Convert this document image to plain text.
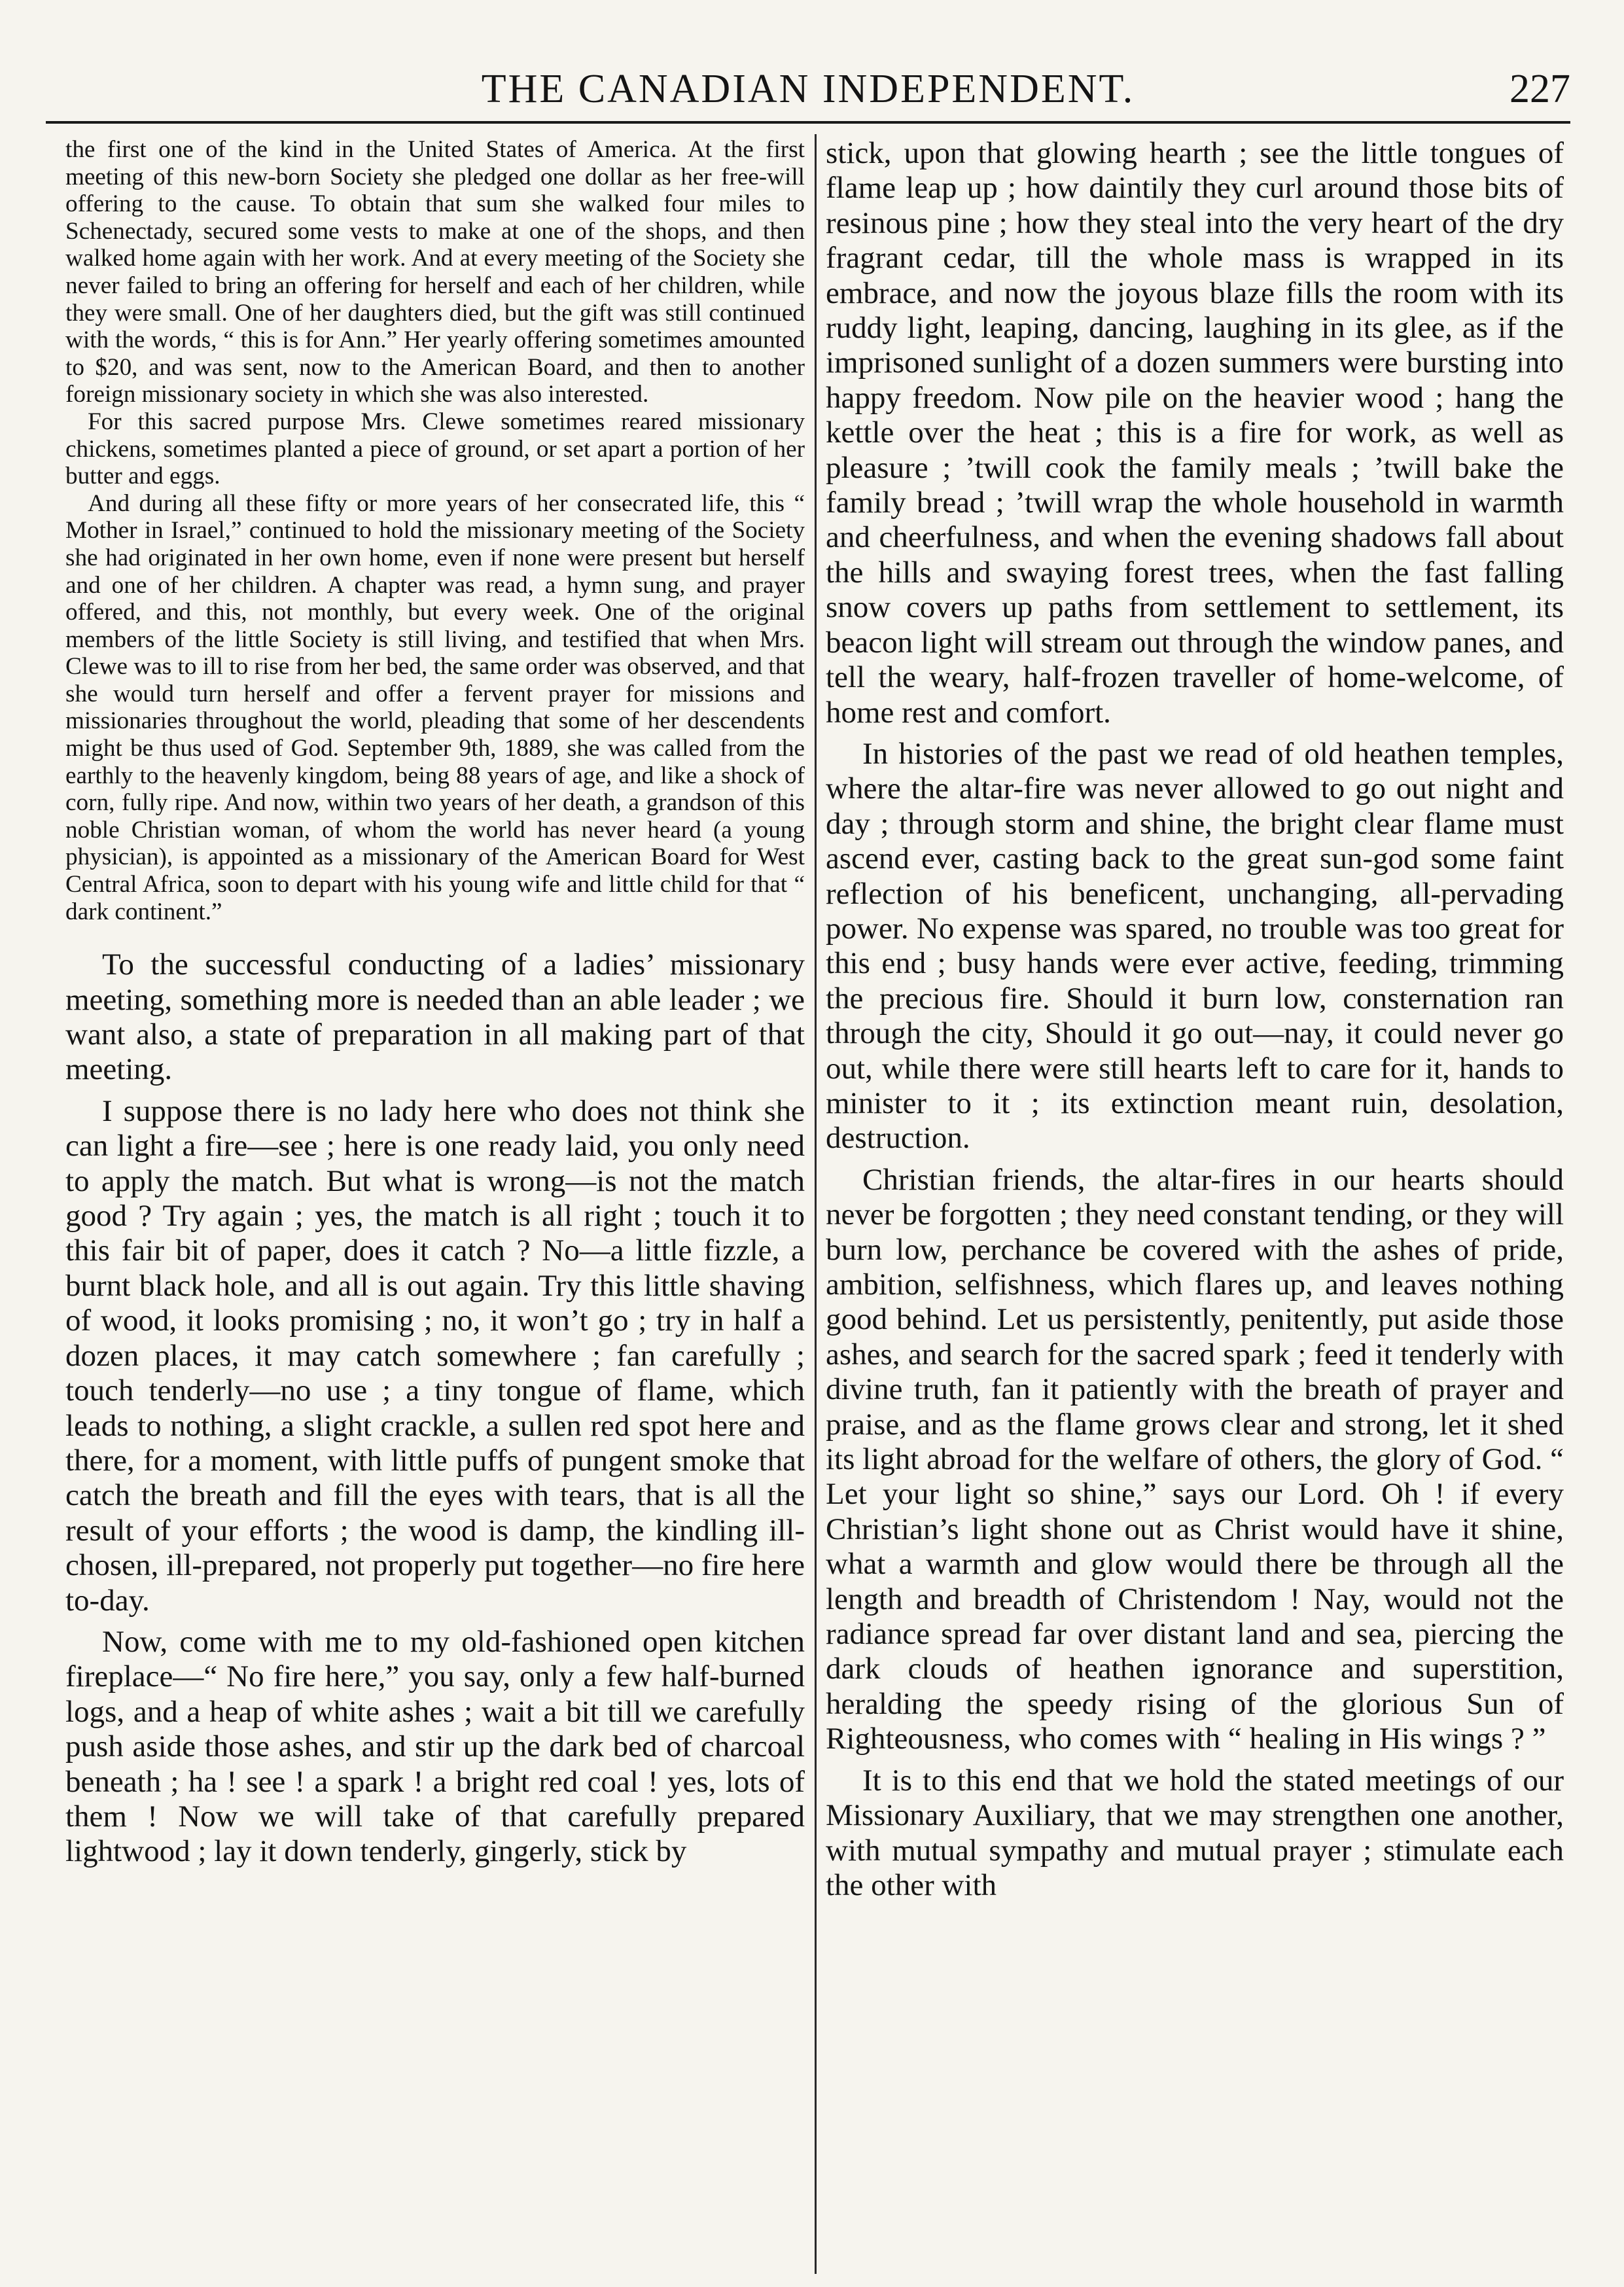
THE CANADIAN INDEPENDENT.	227

the first one of the kind in the United States of America. At the first meeting of this new-born Society she pledged one dollar as her free-will offering to the cause. To obtain that sum she walked four miles to Schenectady, secured some vests to make at one of the shops, and then walked home again with her work. And at every meeting of the Society she never failed to bring an offering for herself and each of her children, while they were small. One of her daughters died, but the gift was still continued with the words, “ this is for Ann.” Her yearly offering sometimes amounted to $20, and was sent, now to the American Board, and then to another foreign missionary society in which she was also interested.

For this sacred purpose Mrs. Clewe sometimes reared missionary chickens, sometimes planted a piece of ground, or set apart a portion of her butter and eggs.

And during all these fifty or more years of her consecrated life, this “ Mother in Israel,” continued to hold the missionary meeting of the Society she had originated in her own home, even if none were present but herself and one of her children. A chapter was read, a hymn sung, and prayer offered, and this, not monthly, but every week. One of the original members of the little Society is still living, and testified that when Mrs. Clewe was to ill to rise from her bed, the same order was observed, and that she would turn herself and offer a fervent prayer for missions and missionaries throughout the world, pleading that some of her descendents might be thus used of God. September 9th, 1889, she was called from the earthly to the heavenly kingdom, being 88 years of age, and like a shock of corn, fully ripe. And now, within two years of her death, a grandson of this noble Christian woman, of whom the world has never heard (a young physician), is appointed as a missionary of the American Board for West Central Africa, soon to depart with his young wife and little child for that “ dark continent.”

To the successful conducting of a ladies’ missionary meeting, something more is needed than an able leader ; we want also, a state of preparation in all making part of that meeting.

I suppose there is no lady here who does not think she can light a fire—see ; here is one ready laid, you only need to apply the match. But what is wrong—is not the match good ? Try again ; yes, the match is all right ; touch it to this fair bit of paper, does it catch ? No—a little fizzle, a burnt black hole, and all is out again. Try this little shaving of wood, it looks promising ; no, it won’t go ; try in half a dozen places, it may catch somewhere ; fan carefully ; touch tenderly—no use ; a tiny tongue of flame, which leads to nothing, a slight crackle, a sullen red spot here and there, for a moment, with little puffs of pungent smoke that catch the breath and fill the eyes with tears, that is all the result of your efforts ; the wood is damp, the kindling ill-chosen, ill-prepared, not properly put together—no fire here to-day.

Now, come with me to my old-fashioned open kitchen fireplace—“ No fire here,” you say, only a few half-burned logs, and a heap of white ashes ; wait a bit till we carefully push aside those ashes, and stir up the dark bed of charcoal beneath ; ha ! see ! a spark ! a bright red coal ! yes, lots of them ! Now we will take of that carefully prepared lightwood ; lay it down tenderly, gingerly, stick by

stick, upon that glowing hearth ; see the little tongues of flame leap up ; how daintily they curl around those bits of resinous pine ; how they steal into the very heart of the dry fragrant cedar, till the whole mass is wrapped in its embrace, and now the joyous blaze fills the room with its ruddy light, leaping, dancing, laughing in its glee, as if the imprisoned sunlight of a dozen summers were bursting into happy freedom. Now pile on the heavier wood ; hang the kettle over the heat ; this is a fire for work, as well as pleasure ; ’twill cook the family meals ; ’twill bake the family bread ; ’twill wrap the whole household in warmth and cheerfulness, and when the evening shadows fall about the hills and swaying forest trees, when the fast falling snow covers up paths from settlement to settlement, its beacon light will stream out through the window panes, and tell the weary, half-frozen traveller of home-welcome, of home rest and comfort.

In histories of the past we read of old heathen temples, where the altar-fire was never allowed to go out night and day ; through storm and shine, the bright clear flame must ascend ever, casting back to the great sun-god some faint reflection of his beneficent, unchanging, all-pervading power. No expense was spared, no trouble was too great for this end ; busy hands were ever active, feeding, trimming the precious fire. Should it burn low, consternation ran through the city, Should it go out—nay, it could never go out, while there were still hearts left to care for it, hands to minister to it ; its extinction meant ruin, desolation, destruction.

Christian friends, the altar-fires in our hearts should never be forgotten ; they need constant tending, or they will burn low, perchance be covered with the ashes of pride, ambition, selfishness, which flares up, and leaves nothing good behind. Let us persistently, penitently, put aside those ashes, and search for the sacred spark ; feed it tenderly with divine truth, fan it patiently with the breath of prayer and praise, and as the flame grows clear and strong, let it shed its light abroad for the welfare of others, the glory of God. “ Let your light so shine,” says our Lord. Oh ! if every Christian’s light shone out as Christ would have it shine, what a warmth and glow would there be through all the length and breadth of Christendom ! Nay, would not the radiance spread far over distant land and sea, piercing the dark clouds of heathen ignorance and superstition, heralding the speedy rising of the glorious Sun of Righteousness, who comes with “ healing in His wings ? ”

It is to this end that we hold the stated meetings of our Missionary Auxiliary, that we may strengthen one another, with mutual sympathy and mutual prayer ; stimulate each the other with
